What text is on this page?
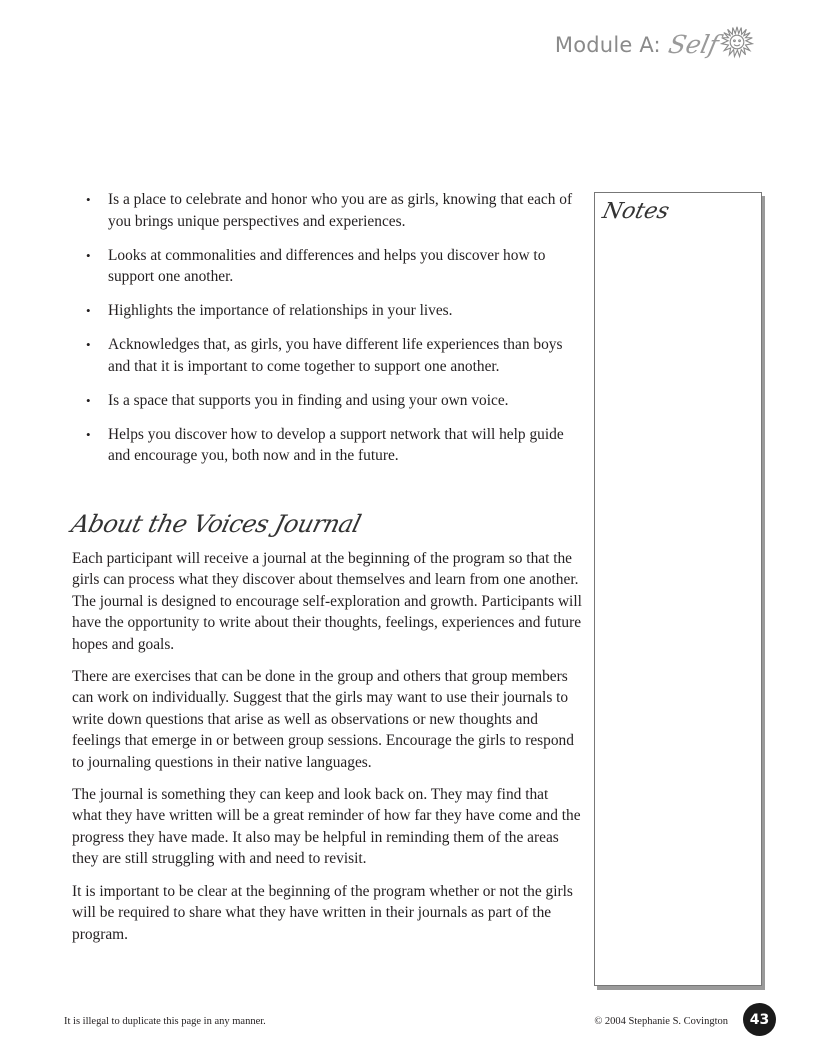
Module A: Self
• Is a place to celebrate and honor who you are as girls, knowing that each of you brings unique perspectives and experiences.
• Looks at commonalities and differences and helps you discover how to support one another.
• Highlights the importance of relationships in your lives.
• Acknowledges that, as girls, you have different life experiences than boys and that it is important to come together to support one another.
• Is a space that supports you in finding and using your own voice.
• Helps you discover how to develop a support network that will help guide and encourage you, both now and in the future.
About the Voices Journal

Each participant will receive a journal at the beginning of the program so that the girls can process what they discover about themselves and learn from one another. The journal is designed to encourage self-exploration and growth. Participants will have the opportunity to write about their thoughts, feelings, experiences and future hopes and goals.

There are exercises that can be done in the group and others that group members can work on individually. Suggest that the girls may want to use their journals to write down questions that arise as well as observations or new thoughts and feelings that emerge in or between group sessions. Encourage the girls to respond to journaling questions in their native languages.

The journal is something they can keep and look back on. They may find that what they have written will be a great reminder of how far they have come and the progress they have made. It also may be helpful in reminding them of the areas they are still struggling with and need to revisit.

It is important to be clear at the beginning of the program whether or not the girls will be required to share what they have written in their journals as part of the program.

Notes
It is illegal to duplicate this page in any manner.	© 2004 Stephanie S. Covington	43
